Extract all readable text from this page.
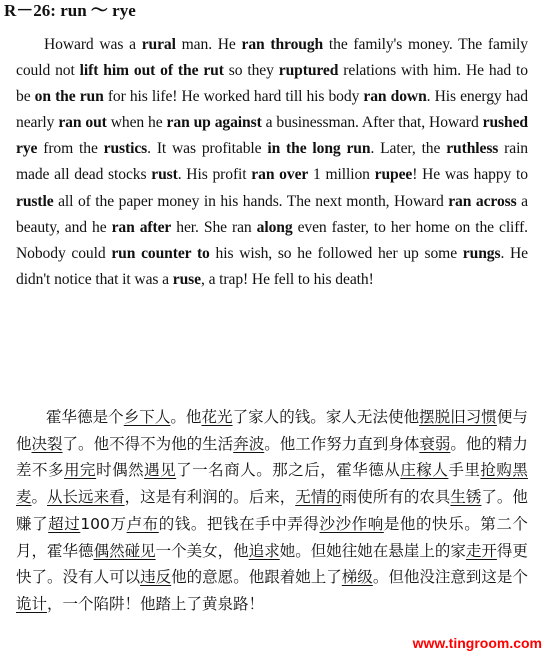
R－26: run ～ rye

Howard was a rural man. He ran through the family's money. The family could not lift him out of the rut so they ruptured relations with him. He had to be on the run for his life! He worked hard till his body ran down. His energy had nearly ran out when he ran up against a businessman. After that, Howard rushed rye from the rustics. It was profitable in the long run. Later, the ruthless rain made all dead stocks rust. His profit ran over 1 million rupee! He was happy to rustle all of the paper money in his hands. The next month, Howard ran across a beauty, and he ran after her. She ran along even faster, to her home on the cliff. Nobody could run counter to his wish, so he followed her up some rungs. He didn't notice that it was a ruse, a trap! He fell to his death!

霍华德是个乡下人。他花光了家人的钱。家人无法使他摆脱旧习惯便与他决裂了。他不得不为他的生活奔波。他工作努力直到身体衰弱。他的精力差不多用完时偶然遇见了一名商人。那之后，霍华德从庄稼人手里抢购黑麦。从长远来看，这是有利润的。后来，无情的雨使所有的农具生锈了。他赚了超过100万卢布的钱。把钱在手中弄得沙沙作响是他的快乐。第二个月，霍华德偶然碰见一个美女，他追求她。但她往她在悬崖上的家走开得更快了。没有人可以违反他的意愿。他跟着她上了梯级。但他没注意到这是个诡计，一个陷阱！他踏上了黄泉路！

www.tingroom.com
